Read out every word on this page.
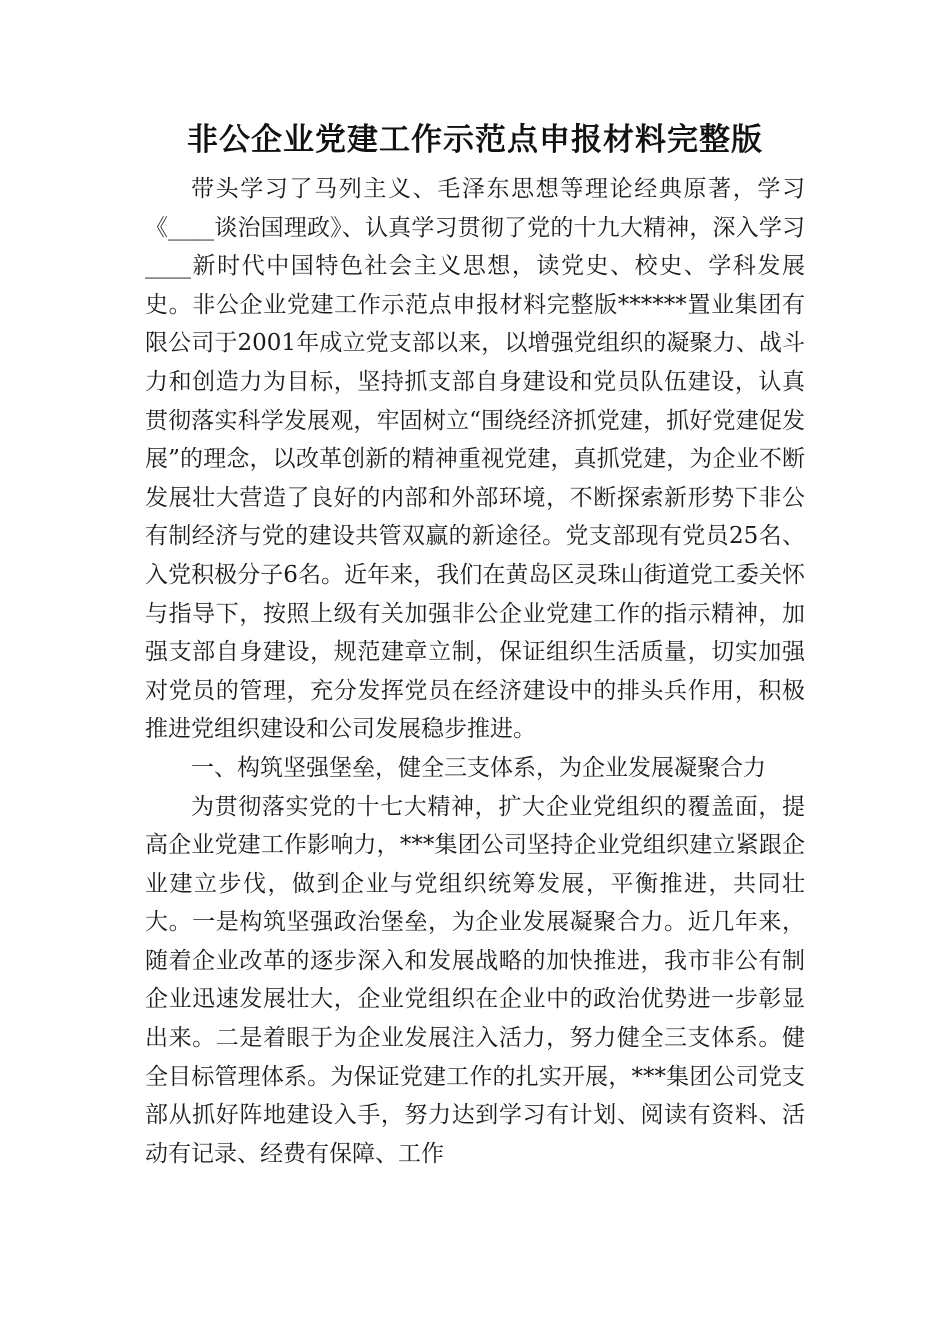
非公企业党建工作示范点申报材料完整版

带头学习了马列主义、毛泽东思想等理论经典原著，学习《____谈治国理政》、认真学习贯彻了党的十九大精神，深入学习____新时代中国特色社会主义思想，读党史、校史、学科发展史。非公企业党建工作示范点申报材料完整版******置业集团有限公司于2001年成立党支部以来，以增强党组织的凝聚力、战斗力和创造力为目标，坚持抓支部自身建设和党员队伍建设，认真贯彻落实科学发展观，牢固树立“围绕经济抓党建，抓好党建促发展”的理念，以改革创新的精神重视党建，真抓党建，为企业不断发展壮大营造了良好的内部和外部环境，不断探索新形势下非公有制经济与党的建设共管双赢的新途径。党支部现有党员25名、入党积极分子6名。近年来，我们在黄岛区灵珠山街道党工委关怀与指导下，按照上级有关加强非公企业党建工作的指示精神，加强支部自身建设，规范建章立制，保证组织生活质量，切实加强对党员的管理，充分发挥党员在经济建设中的排头兵作用，积极推进党组织建设和公司发展稳步推进。

一、构筑坚强堡垒，健全三支体系，为企业发展凝聚合力

为贯彻落实党的十七大精神，扩大企业党组织的覆盖面，提高企业党建工作影响力，***集团公司坚持企业党组织建立紧跟企业建立步伐，做到企业与党组织统筹发展，平衡推进，共同壮大。一是构筑坚强政治堡垒，为企业发展凝聚合力。近几年来，随着企业改革的逐步深入和发展战略的加快推进，我市非公有制企业迅速发展壮大，企业党组织在企业中的政治优势进一步彰显出来。二是着眼于为企业发展注入活力，努力健全三支体系。健全目标管理体系。为保证党建工作的扎实开展，***集团公司党支部从抓好阵地建设入手，努力达到学习有计划、阅读有资料、活动有记录、经费有保障、工作
